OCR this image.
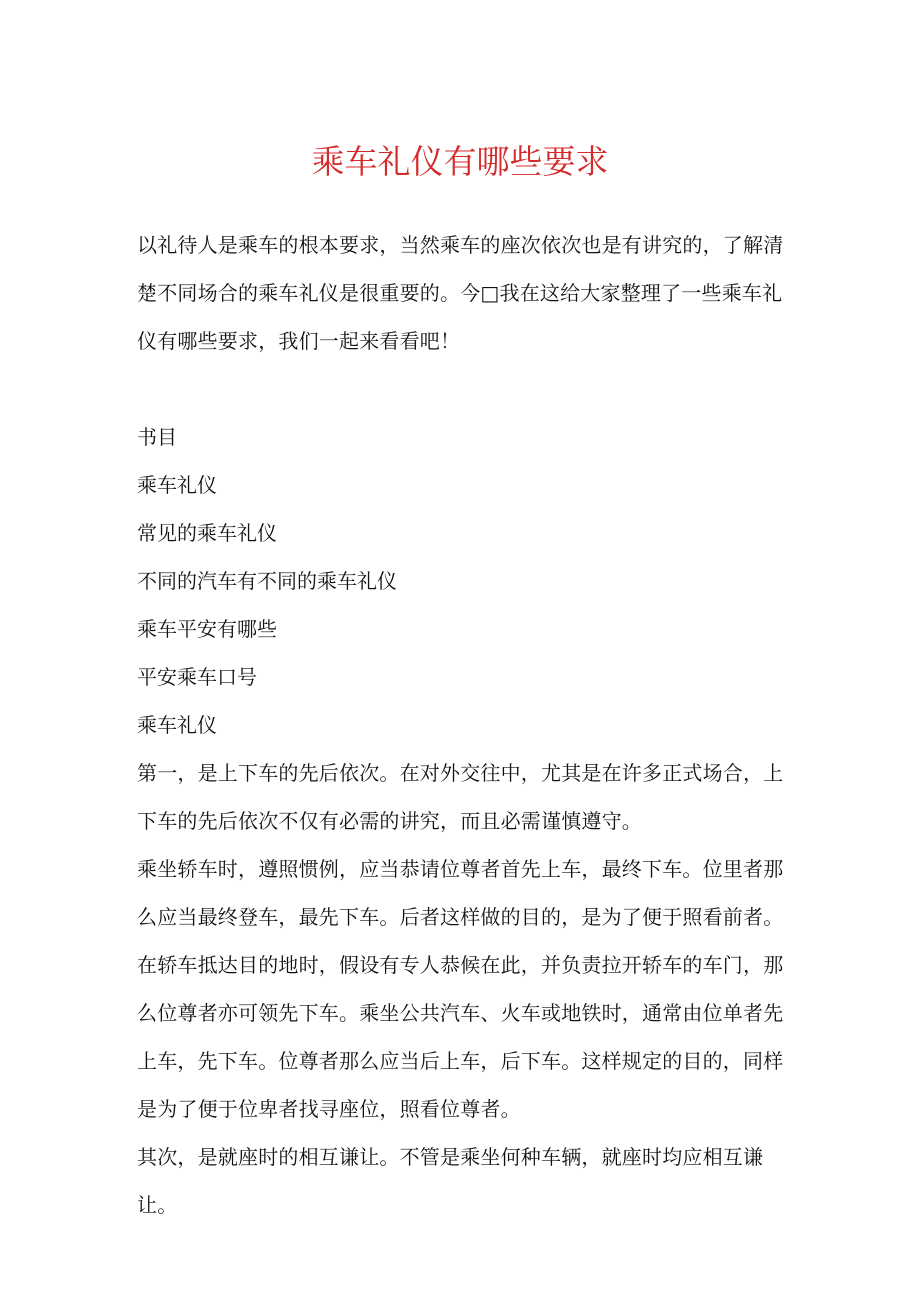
乘车礼仪有哪些要求

以礼待人是乘车的根本要求，当然乘车的座次依次也是有讲究的，了解清楚不同场合的乘车礼仪是很重要的。今□我在这给大家整理了一些乘车礼仪有哪些要求，我们一起来看看吧！

书目

乘车礼仪

常见的乘车礼仪

不同的汽车有不同的乘车礼仪

乘车平安有哪些

平安乘车口号

乘车礼仪

第一，是上下车的先后依次。在对外交往中，尤其是在许多正式场合，上下车的先后依次不仅有必需的讲究，而且必需谨慎遵守。

乘坐轿车时，遵照惯例，应当恭请位尊者首先上车，最终下车。位里者那么应当最终登车，最先下车。后者这样做的目的，是为了便于照看前者。

在轿车抵达目的地时，假设有专人恭候在此，并负责拉开轿车的车门，那么位尊者亦可领先下车。乘坐公共汽车、火车或地铁时，通常由位单者先上车，先下车。位尊者那么应当后上车，后下车。这样规定的目的，同样是为了便于位卑者找寻座位，照看位尊者。

其次，是就座时的相互谦让。不管是乘坐何种车辆，就座时均应相互谦让。
